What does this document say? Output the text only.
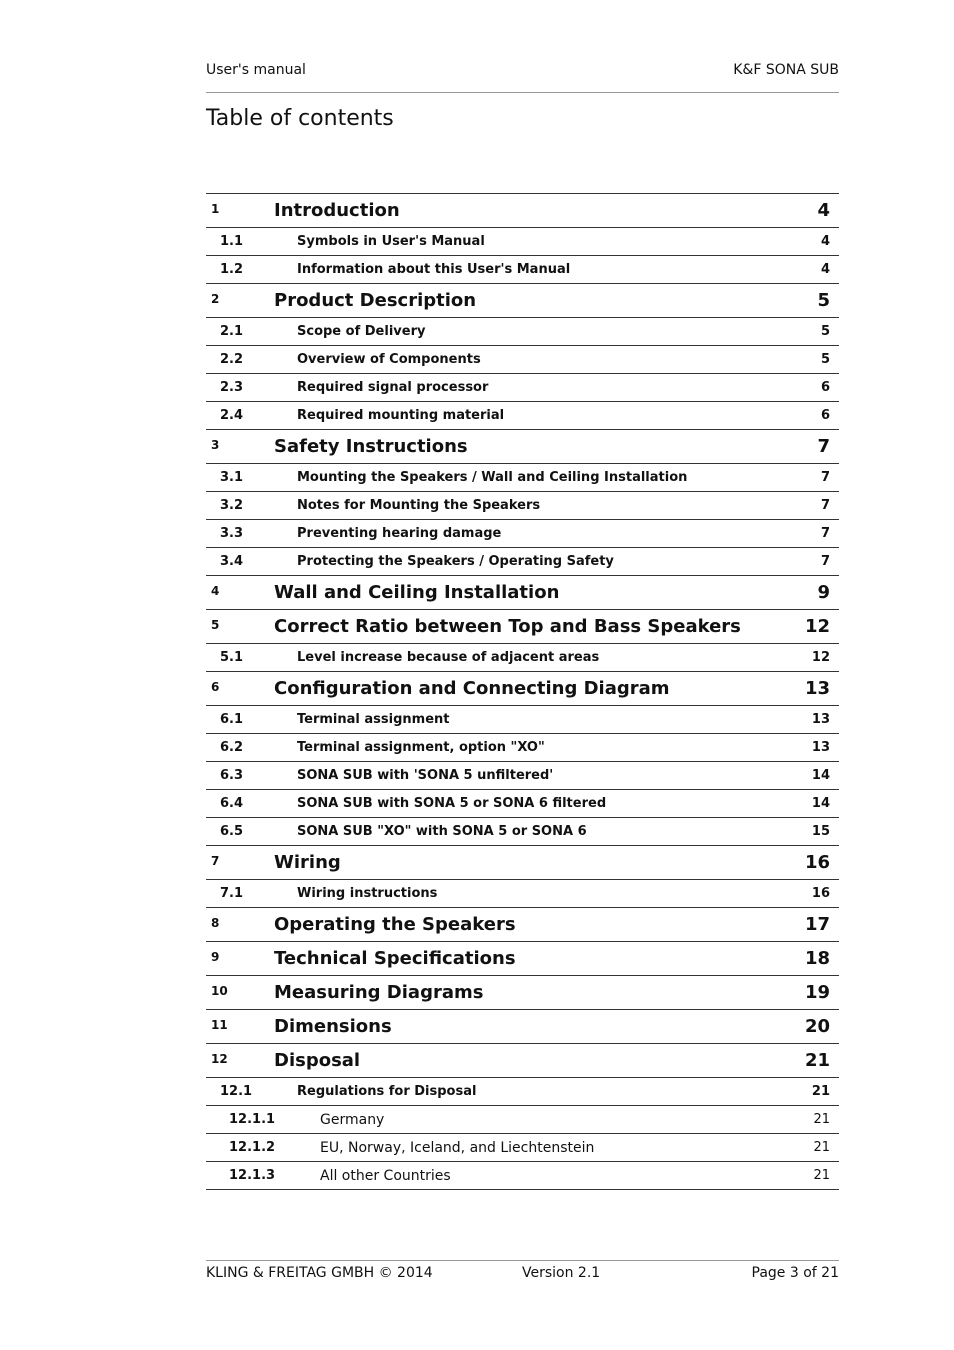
User's manual	K&F SONA SUB
Table of contents
1	Introduction	4
1.1	Symbols in User's Manual	4
1.2	Information about this User's Manual	4
2	Product Description	5
2.1	Scope of Delivery	5
2.2	Overview of Components	5
2.3	Required signal processor	6
2.4	Required mounting material	6
3	Safety Instructions	7
3.1	Mounting the Speakers / Wall and Ceiling Installation	7
3.2	Notes for Mounting the Speakers	7
3.3	Preventing hearing damage	7
3.4	Protecting the Speakers / Operating Safety	7
4	Wall and Ceiling Installation	9
5	Correct Ratio between Top and Bass Speakers	12
5.1	Level increase because of adjacent areas	12
6	Configuration and Connecting Diagram	13
6.1	Terminal assignment	13
6.2	Terminal assignment, option "XO"	13
6.3	SONA SUB with 'SONA 5 unfiltered'	14
6.4	SONA SUB with SONA 5 or SONA 6 filtered	14
6.5	SONA SUB "XO" with SONA 5 or SONA 6	15
7	Wiring	16
7.1	Wiring instructions	16
8	Operating the Speakers	17
9	Technical Specifications	18
10	Measuring Diagrams	19
11	Dimensions	20
12	Disposal	21
12.1	Regulations for Disposal	21
12.1.1	Germany	21
12.1.2	EU, Norway, Iceland, and Liechtenstein	21
12.1.3	All other Countries	21
KLING & FREITAG GMBH © 2014	Version 2.1	Page 3 of 21
